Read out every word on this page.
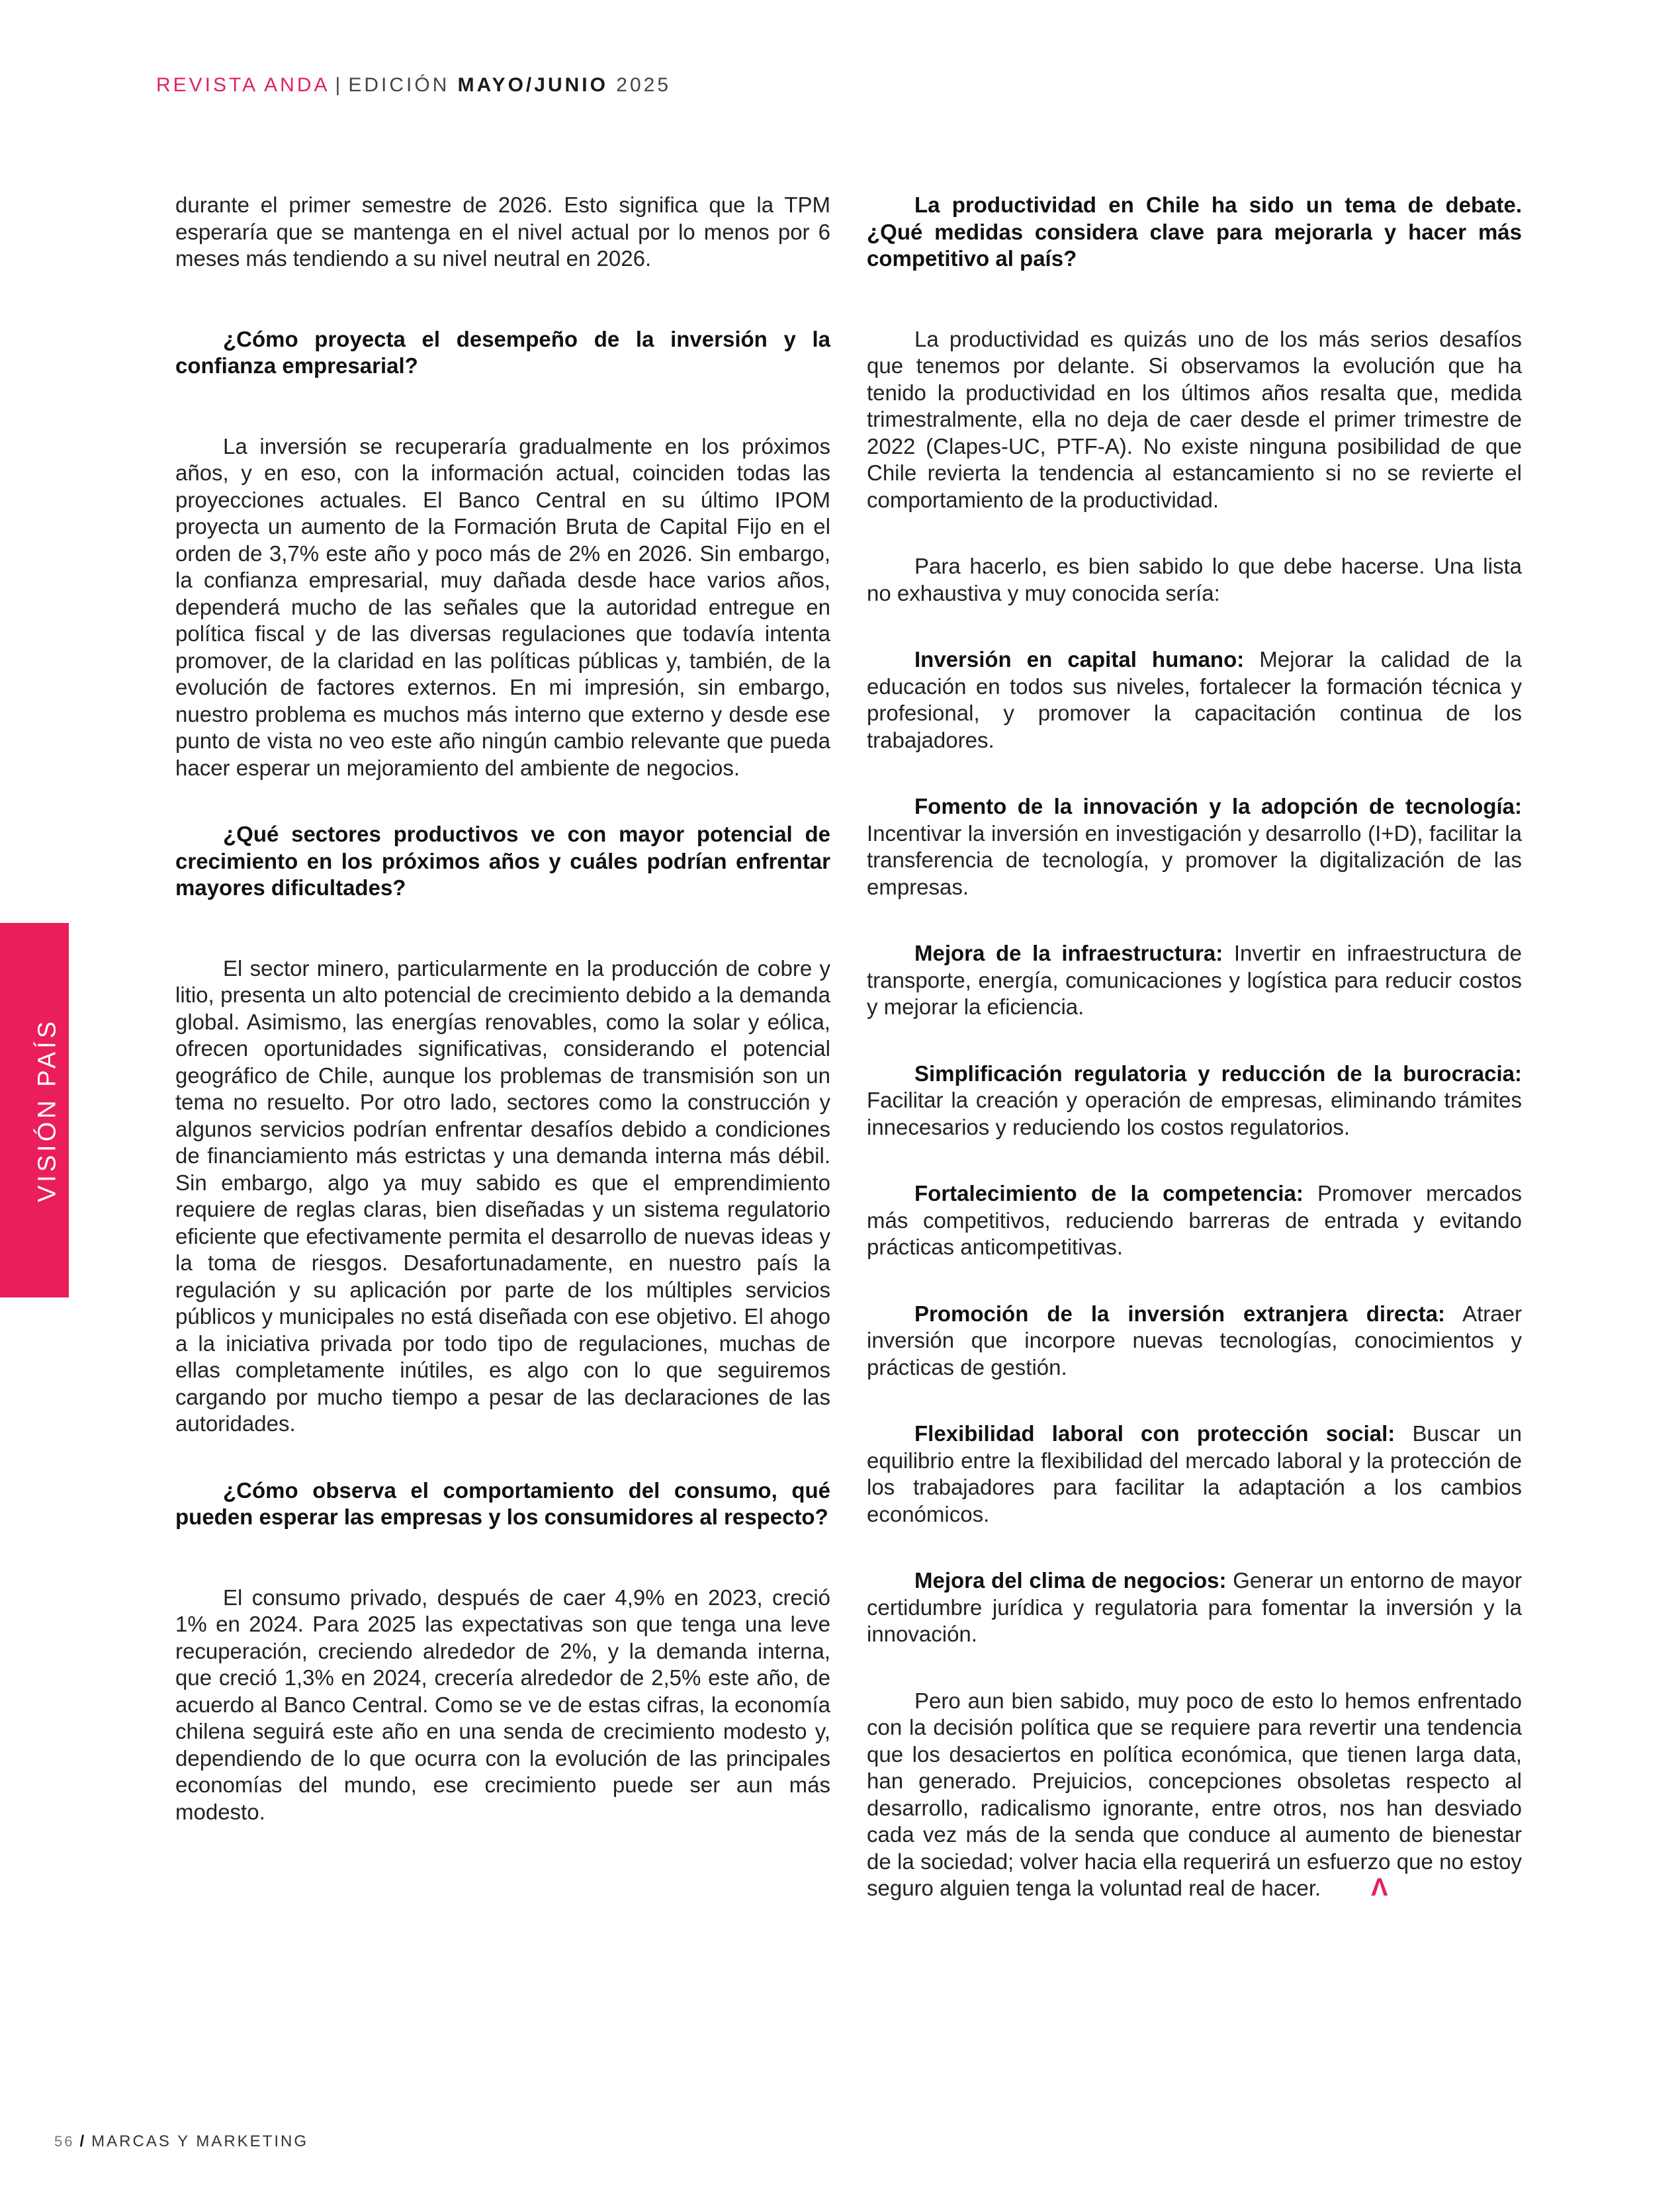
REVISTA ANDA | EDICIÓN MAYO/JUNIO 2025
VISIÓN PAÍS

durante el primer semestre de 2026. Esto significa que la TPM esperaría que se mantenga en el nivel actual por lo menos por 6 meses más tendiendo a su nivel neutral en 2026.

¿Cómo proyecta el desempeño de la inversión y la confianza empresarial?

La inversión se recuperaría gradualmente en los próximos años, y en eso, con la información actual, coinciden todas las proyecciones actuales. El Banco Central en su último IPOM proyecta un aumento de la Formación Bruta de Capital Fijo en el orden de 3,7% este año y poco más de 2% en 2026. Sin embargo, la confianza empresarial, muy dañada desde hace varios años, dependerá mucho de las señales que la autoridad entregue en política fiscal y de las diversas regulaciones que todavía intenta promover, de la claridad en las políticas públicas y, también, de la evolución de factores externos. En mi impresión, sin embargo, nuestro problema es muchos más interno que externo y desde ese punto de vista no veo este año ningún cambio relevante que pueda hacer esperar un mejoramiento del ambiente de negocios.

¿Qué sectores productivos ve con mayor potencial de crecimiento en los próximos años y cuáles podrían enfrentar mayores dificultades?

El sector minero, particularmente en la producción de cobre y litio, presenta un alto potencial de crecimiento debido a la demanda global. Asimismo, las energías renovables, como la solar y eólica, ofrecen oportunidades significativas, considerando el potencial geográfico de Chile, aunque los problemas de transmisión son un tema no resuelto. Por otro lado, sectores como la construcción y algunos servicios podrían enfrentar desafíos debido a condiciones de financiamiento más estrictas y una demanda interna más débil. Sin embargo, algo ya muy sabido es que el emprendimiento requiere de reglas claras, bien diseñadas y un sistema regulatorio eficiente que efectivamente permita el desarrollo de nuevas ideas y la toma de riesgos. Desafortunadamente, en nuestro país la regulación y su aplicación por parte de los múltiples servicios públicos y municipales no está diseñada con ese objetivo. El ahogo a la iniciativa privada por todo tipo de regulaciones, muchas de ellas completamente inútiles, es algo con lo que seguiremos cargando por mucho tiempo a pesar de las declaraciones de las autoridades.

¿Cómo observa el comportamiento del consumo, qué pueden esperar las empresas y los consumidores al respecto?

El consumo privado, después de caer 4,9% en 2023, creció 1% en 2024. Para 2025 las expectativas son que tenga una leve recuperación, creciendo alrededor de 2%, y la demanda interna, que creció 1,3% en 2024, crecería alrededor de 2,5% este año, de acuerdo al Banco Central. Como se ve de estas cifras, la economía chilena seguirá este año en una senda de crecimiento modesto y, dependiendo de lo que ocurra con la evolución de las principales economías del mundo, ese crecimiento puede ser aun más modesto.

La productividad en Chile ha sido un tema de debate. ¿Qué medidas considera clave para mejorarla y hacer más competitivo al país?

La productividad es quizás uno de los más serios desafíos que tenemos por delante. Si observamos la evolución que ha tenido la productividad en los últimos años resalta que, medida trimestralmente, ella no deja de caer desde el primer trimestre de 2022 (Clapes-UC, PTF-A). No existe ninguna posibilidad de que Chile revierta la tendencia al estancamiento si no se revierte el comportamiento de la productividad.

Para hacerlo, es bien sabido lo que debe hacerse. Una lista no exhaustiva y muy conocida sería:

Inversión en capital humano: Mejorar la calidad de la educación en todos sus niveles, fortalecer la formación técnica y profesional, y promover la capacitación continua de los trabajadores.

Fomento de la innovación y la adopción de tecnología: Incentivar la inversión en investigación y desarrollo (I+D), facilitar la transferencia de tecnología, y promover la digitalización de las empresas.

Mejora de la infraestructura: Invertir en infraestructura de transporte, energía, comunicaciones y logística para reducir costos y mejorar la eficiencia.

Simplificación regulatoria y reducción de la burocracia: Facilitar la creación y operación de empresas, eliminando trámites innecesarios y reduciendo los costos regulatorios.

Fortalecimiento de la competencia: Promover mercados más competitivos, reduciendo barreras de entrada y evitando prácticas anticompetitivas.

Promoción de la inversión extranjera directa: Atraer inversión que incorpore nuevas tecnologías, conocimientos y prácticas de gestión.

Flexibilidad laboral con protección social: Buscar un equilibrio entre la flexibilidad del mercado laboral y la protección de los trabajadores para facilitar la adaptación a los cambios económicos.

Mejora del clima de negocios: Generar un entorno de mayor certidumbre jurídica y regulatoria para fomentar la inversión y la innovación.

Pero aun bien sabido, muy poco de esto lo hemos enfrentado con la decisión política que se requiere para revertir una tendencia que los desaciertos en política económica, que tienen larga data, han generado. Prejuicios, concepciones obsoletas respecto al desarrollo, radicalismo ignorante, entre otros, nos han desviado cada vez más de la senda que conduce al aumento de bienestar de la sociedad; volver hacia ella requerirá un esfuerzo que no estoy seguro alguien tenga la voluntad real de hacer. Λ

56 / MARCAS Y MARKETING
